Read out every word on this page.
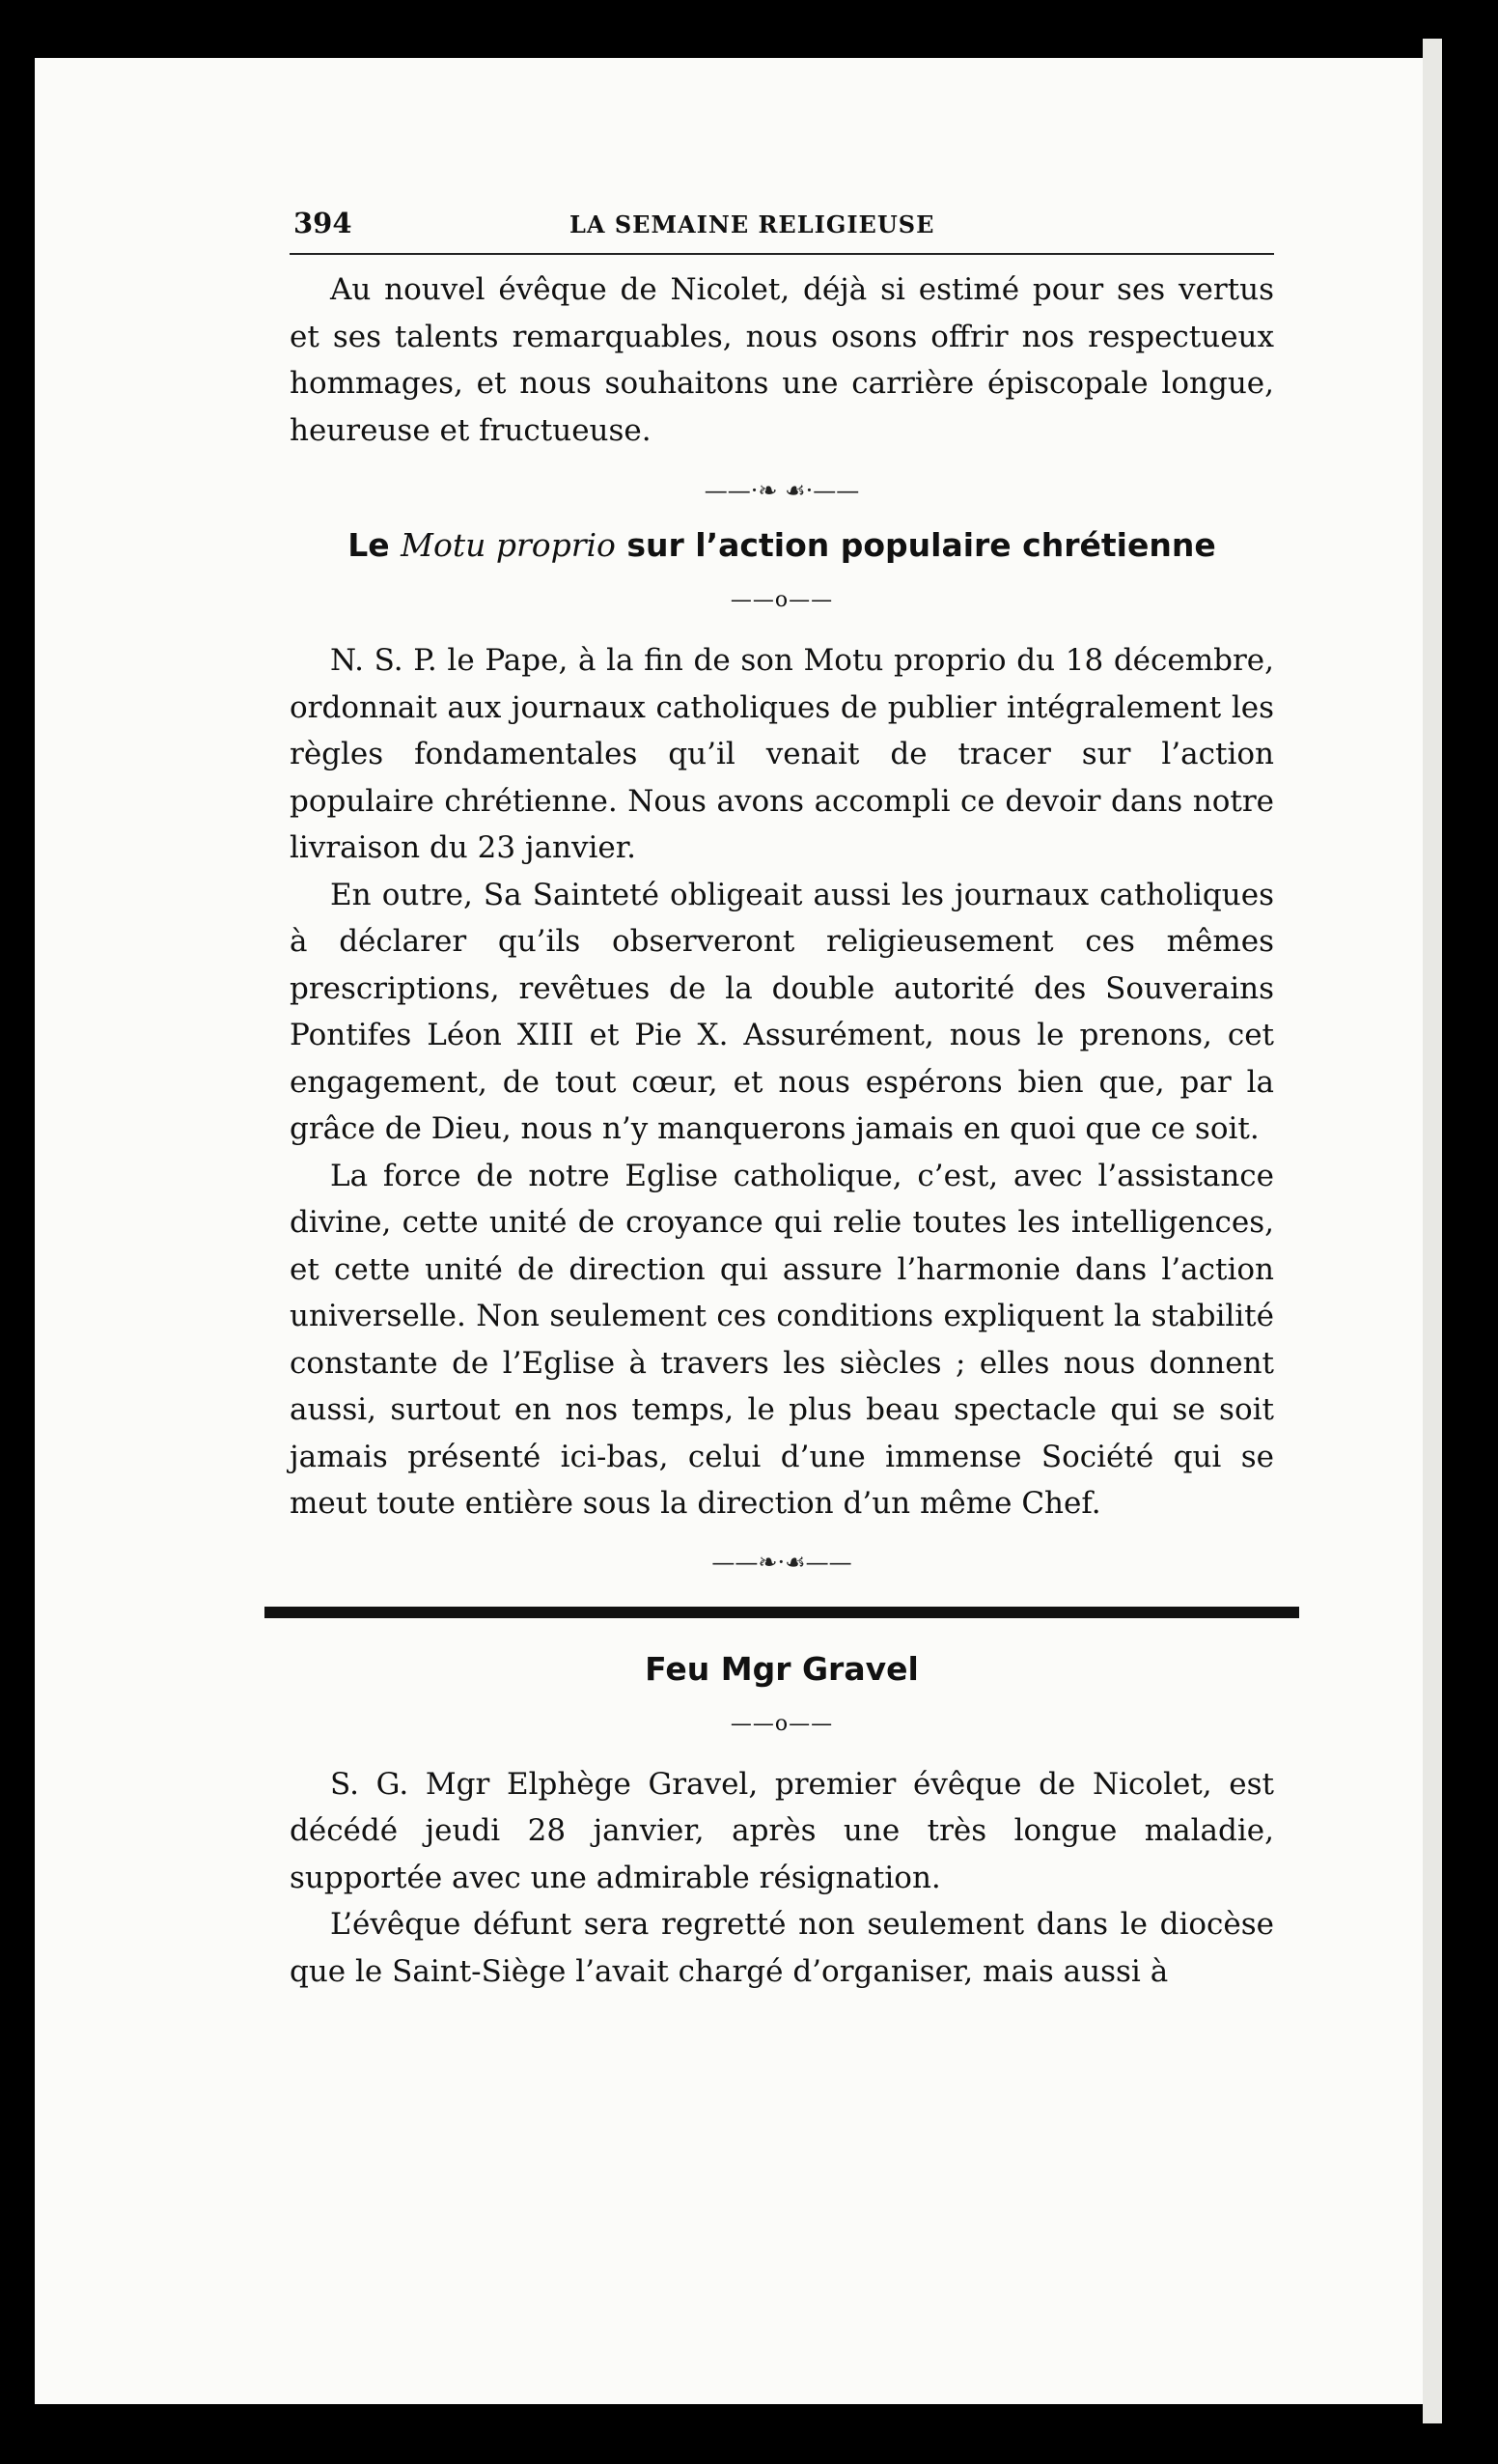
394	LA SEMAINE RELIGIEUSE

Au nouvel évêque de Nicolet, déjà si estimé pour ses vertus et ses talents remarquables, nous osons offrir nos respectueux hommages, et nous souhaitons une carrière épiscopale longue, heureuse et fructueuse.

——·❧ ☙·——
Le Motu proprio sur l’action populaire chrétienne
——o——

N. S. P. le Pape, à la fin de son Motu proprio du 18 décembre, ordonnait aux journaux catholiques de publier intégralement les règles fondamentales qu’il venait de tracer sur l’action populaire chrétienne. Nous avons accompli ce devoir dans notre livraison du 23 janvier.

En outre, Sa Sainteté obligeait aussi les journaux catholiques à déclarer qu’ils observeront religieusement ces mêmes prescriptions, revêtues de la double autorité des Souverains Pontifes Léon XIII et Pie X. Assurément, nous le prenons, cet engagement, de tout cœur, et nous espérons bien que, par la grâce de Dieu, nous n’y manquerons jamais en quoi que ce soit.

La force de notre Eglise catholique, c’est, avec l’assistance divine, cette unité de croyance qui relie toutes les intelligences, et cette unité de direction qui assure l’harmonie dans l’action universelle. Non seulement ces conditions expliquent la stabilité constante de l’Eglise à travers les siècles ; elles nous donnent aussi, surtout en nos temps, le plus beau spectacle qui se soit jamais présenté ici-bas, celui d’une immense Société qui se meut toute entière sous la direction d’un même Chef.

——❧·☙——
Feu Mgr Gravel
——o——

S. G. Mgr Elphège Gravel, premier évêque de Nicolet, est décédé jeudi 28 janvier, après une très longue maladie, supportée avec une admirable résignation.

L’évêque défunt sera regretté non seulement dans le diocèse que le Saint-Siège l’avait chargé d’organiser, mais aussi à
